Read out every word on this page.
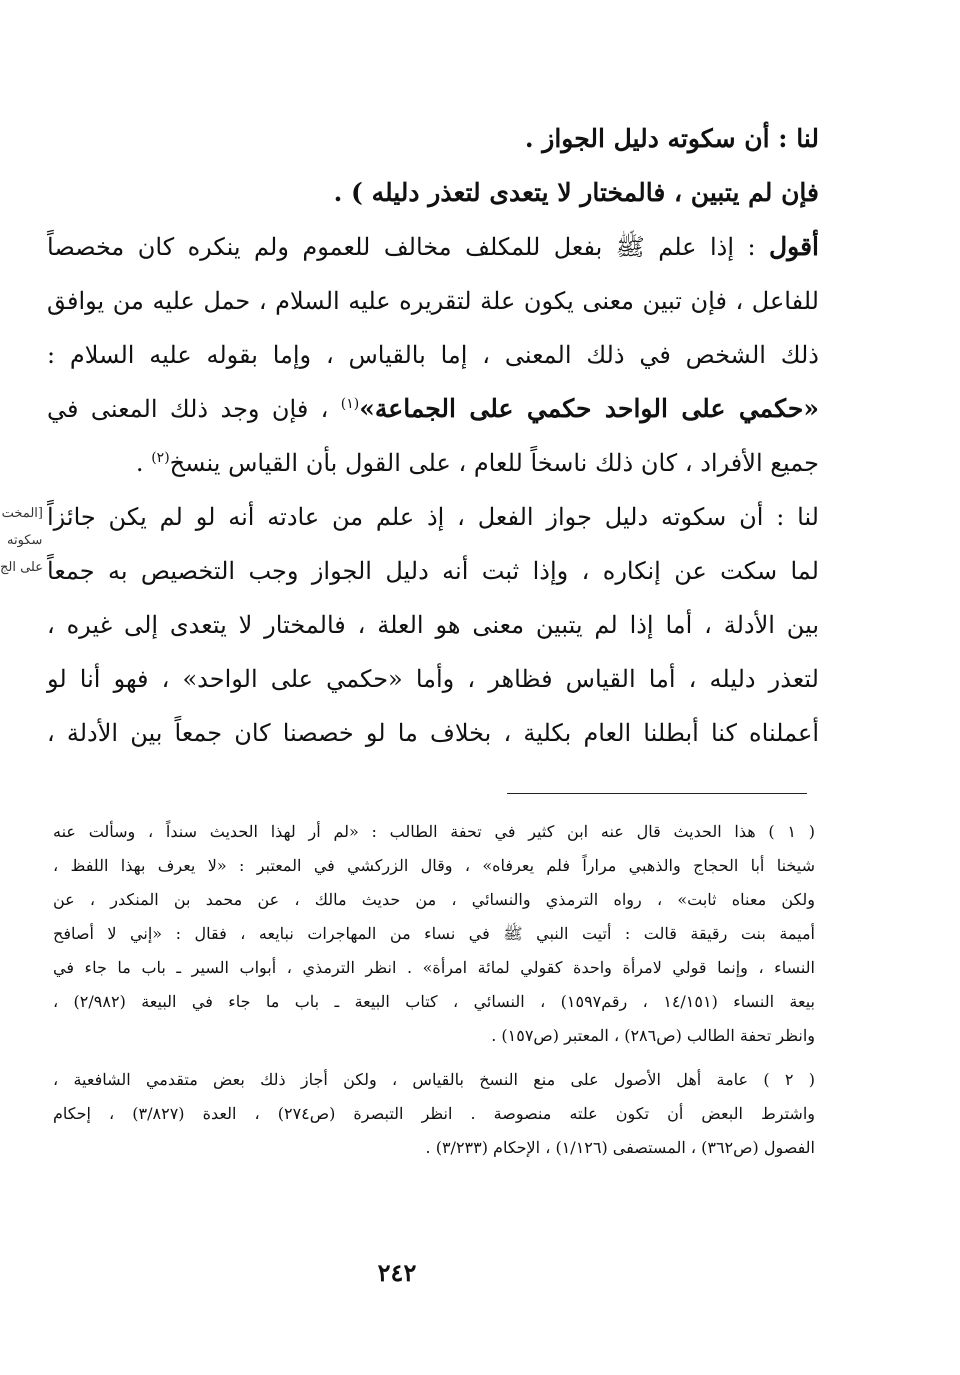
لنا : أن سكوته دليل الجواز .
فإن لم يتبين ، فالمختار لا يتعدى لتعذر دليله ) .
أقول : إذا علم ﷺ بفعل للمكلف مخالف للعموم ولم ينكره كان مخصصاً
للفاعل ، فإن تبين معنى يكون علة لتقريره عليه السلام ، حمل عليه من يوافق
ذلك الشخص في ذلك المعنى ، إما بالقياس ، وإما بقوله عليه السلام :
«حكمي على الواحد حكمي على الجماعة»$^{(١)}$ ، فإن وجد ذلك المعنى في
جميع الأفراد ، كان ذلك ناسخاً للعام ، على القول بأن القياس ينسخ$^{(٢)}$ .
لنا : أن سكوته دليل جواز الفعل ، إذ علم من عادته أنه لو لم يكن جائزاً
لما سكت عن إنكاره ، وإذا ثبت أنه دليل الجواز وجب التخصيص به جمعاً
بين الأدلة ، أما إذا لم يتبين معنى هو العلة ، فالمختار لا يتعدى إلى غيره ،
لتعذر دليله ، أما القياس فظاهر ، وأما «حكمي على الواحد» ، فهو أنا لو
أعملناه كنا أبطلنا العام بكلية ، بخلاف ما لو خصصنا كان جمعاً بين الأدلة ،
[المخت
سكوته
على الج
( ١ ) هذا الحديث قال عنه ابن كثير في تحفة الطالب : «لم أر لهذا الحديث سنداً ، وسألت عنه
شيخنا أبا الحجاج والذهبي مراراً فلم يعرفاه» ، وقال الزركشي في المعتبر : «لا يعرف بهذا اللفظ ،
ولكن معناه ثابت» ، رواه الترمذي والنسائي ، من حديث مالك ، عن محمد بن المنكدر ، عن
أميمة بنت رقيقة قالت : أتيت النبي ﷺ في نساء من المهاجرات نبايعه ، فقال : «إني لا أصافح
النساء ، وإنما قولي لامرأة واحدة كقولي لمائة امرأة» . انظر الترمذي ، أبواب السير ـ باب ما جاء في
بيعة النساء (١٤/١٥١ ، رقم١٥٩٧) ، النسائي ، كتاب البيعة ـ باب ما جاء في البيعة (٢/٩٨٢) ،
وانظر تحفة الطالب (ص٢٨٦) ، المعتبر (ص١٥٧) .
( ٢ ) عامة أهل الأصول على منع النسخ بالقياس ، ولكن أجاز ذلك بعض متقدمي الشافعية ،
واشترط البعض أن تكون علته منصوصة . انظر التبصرة (ص٢٧٤) ، العدة (٣/٨٢٧) ، إحكام
الفصول (ص٣٦٢) ، المستصفى (١/١٢٦) ، الإحكام (٣/٢٣٣) .
٢٤٢
